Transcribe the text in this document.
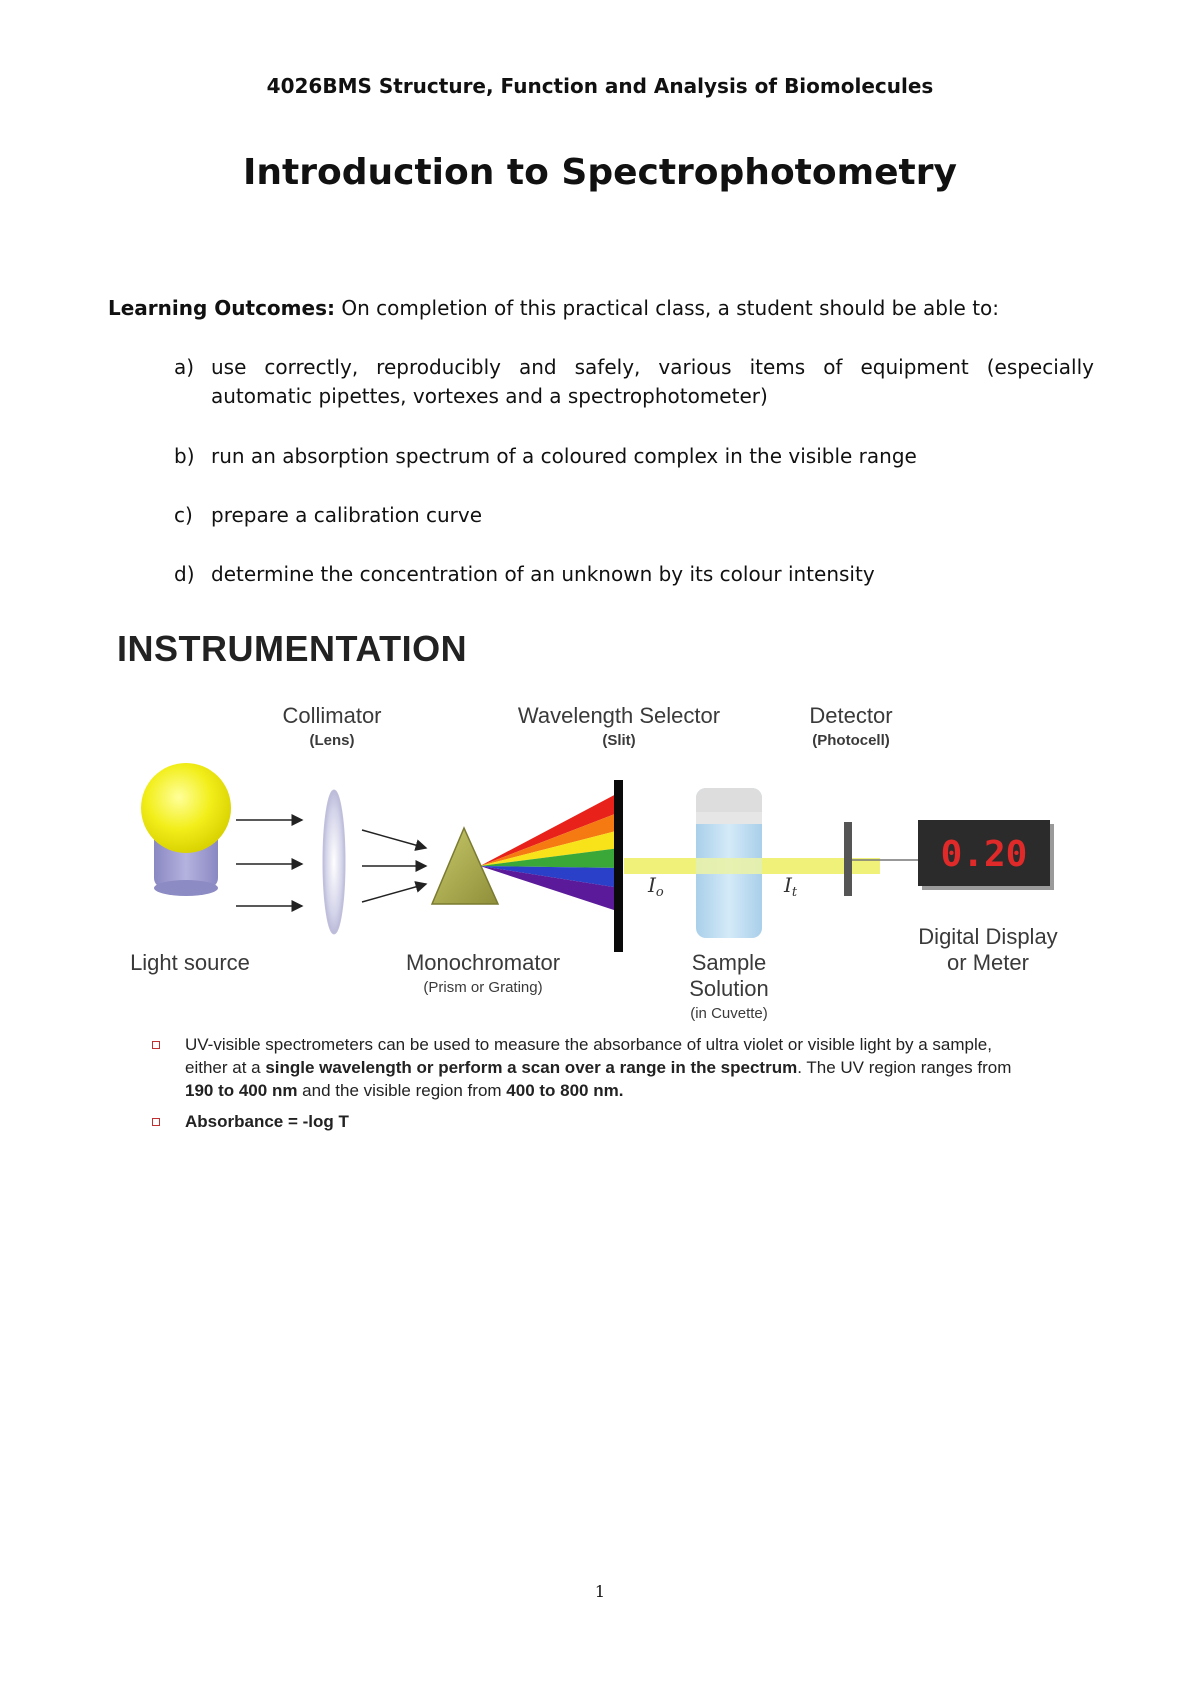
4026BMS Structure, Function and Analysis of Biomolecules
Introduction to Spectrophotometry
Learning Outcomes: On completion of this practical class, a student should be able to:
a) use correctly, reproducibly and safely, various items of equipment (especially automatic pipettes, vortexes and a spectrophotometer)
b) run an absorption spectrum of a coloured complex in the visible range
c) prepare a calibration curve
d) determine the concentration of an unknown by its colour intensity
INSTRUMENTATION
Collimator
(Lens)
Wavelength Selector
(Slit)
Detector
(Photocell)
$I_o$	$I_t$
0.20
Light source	Monochromator
(Prism or Grating)
Sample
Solution
(in Cuvette)
Digital Display
or Meter
UV-visible spectrometers can be used to measure the absorbance of ultra violet or visible light by a sample, either at a single wavelength or perform a scan over a range in the spectrum. The UV region ranges from 190 to 400 nm and the visible region from 400 to 800 nm.
Absorbance = -log T
1
